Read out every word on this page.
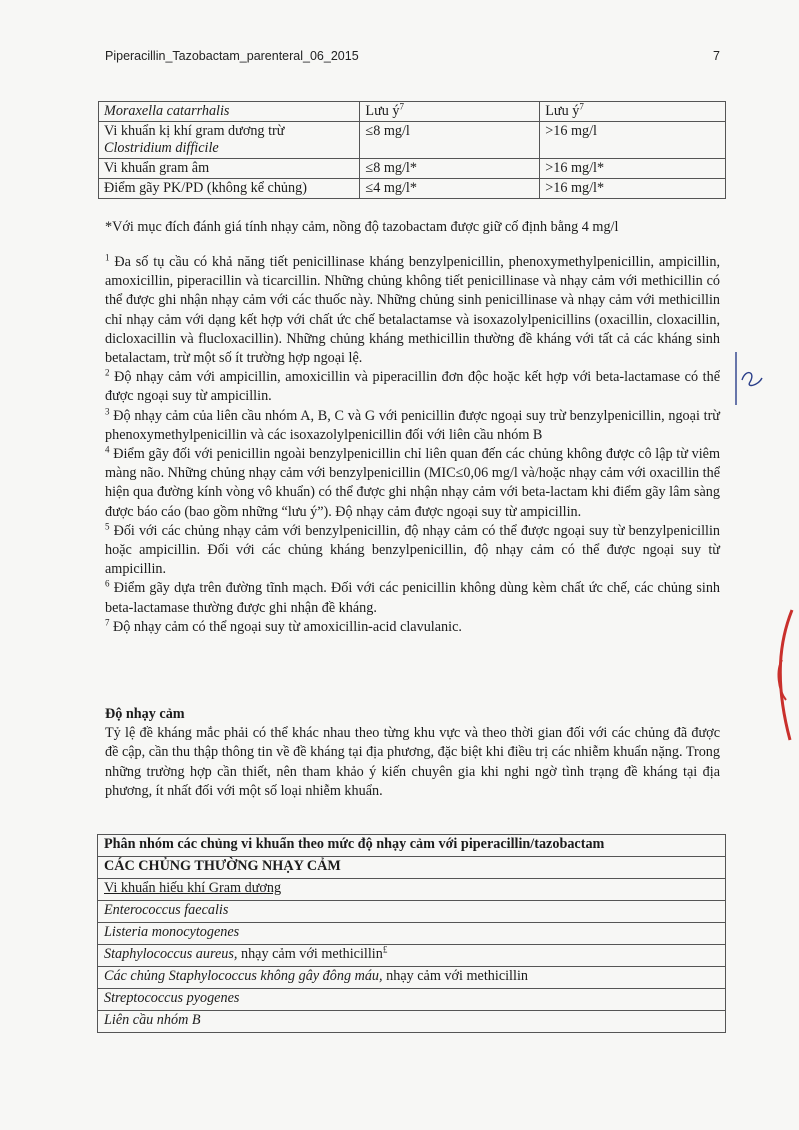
Piperacillin_Tazobactam_parenteral_06_2015	7
Moraxella catarrhalis	Lưu $ý^7$	Lưu $ý^7$
Vi khuẩn kị khí gram dương trừ
Clostridium difficile	≤8 mg/l	>16 mg/l
Vi khuẩn gram âm	≤8 mg/l*	>16 mg/l*
Điểm gãy PK/PD (không kể chủng)	≤4 mg/l*	>16 mg/l*
*Với mục đích đánh giá tính nhạy cảm, nồng độ tazobactam được giữ cố định bằng 4 mg/l

$^1$ Đa số tụ cầu có khả năng tiết penicillinase kháng benzylpenicillin, phenoxymethylpenicillin, ampicillin, amoxicillin, piperacillin và ticarcillin. Những chủng không tiết penicillinase và nhạy cảm với methicillin có thể được ghi nhận nhạy cảm với các thuốc này. Những chủng sinh penicillinase và nhạy cảm với methicillin chỉ nhạy cảm với dạng kết hợp với chất ức chế betalactamse và isoxazolylpenicillins (oxacillin, cloxacillin, dicloxacillin và flucloxacillin). Những chủng kháng methicillin thường đề kháng với tất cả các kháng sinh betalactam, trừ một số ít trường hợp ngoại lệ.

$^2$ Độ nhạy cảm với ampicillin, amoxicillin và piperacillin đơn độc hoặc kết hợp với beta-lactamase có thể được ngoại suy từ ampicillin.

$^3$ Độ nhạy cảm của liên cầu nhóm A, B, C và G với penicillin được ngoại suy trừ benzylpenicillin, ngoại trừ phenoxymethylpenicillin và các isoxazolylpenicillin đối với liên cầu nhóm B

$^4$ Điểm gãy đối với penicillin ngoài benzylpenicillin chỉ liên quan đến các chủng không được cô lập từ viêm màng não. Những chủng nhạy cảm với benzylpenicillin (MIC≤0,06 mg/l và/hoặc nhạy cảm với oxacillin thể hiện qua đường kính vòng vô khuẩn) có thể được ghi nhận nhạy cảm với beta-lactam khi điểm gãy lâm sàng được báo cáo (bao gồm những “lưu ý”). Độ nhạy cảm được ngoại suy từ ampicillin.

$^5$ Đối với các chủng nhạy cảm với benzylpenicillin, độ nhạy cảm có thể được ngoại suy từ benzylpenicillin hoặc ampicillin. Đối với các chủng kháng benzylpenicillin, độ nhạy cảm có thể được ngoại suy từ ampicillin.

$^6$ Điểm gãy dựa trên đường tĩnh mạch. Đối với các penicillin không dùng kèm chất ức chế, các chủng sinh beta-lactamase thường được ghi nhận đề kháng.

$^7$ Độ nhạy cảm có thể ngoại suy từ amoxicillin-acid clavulanic.

Độ nhạy cảm

Tỷ lệ đề kháng mắc phải có thể khác nhau theo từng khu vực và theo thời gian đối với các chủng đã được đề cập, cần thu thập thông tin về đề kháng tại địa phương, đặc biệt khi điều trị các nhiễm khuẩn nặng. Trong những trường hợp cần thiết, nên tham khảo ý kiến chuyên gia khi nghi ngờ tình trạng đề kháng tại địa phương, ít nhất đối với một số loại nhiễm khuẩn.

Phân nhóm các chủng vi khuẩn theo mức độ nhạy cảm với piperacillin/tazobactam
CÁC CHỦNG THƯỜNG NHẠY CẢM
Vi khuẩn hiếu khí Gram dương
Enterococcus faecalis
Listeria monocytogenes
Staphylococcus aureus, nhạy cảm với methicillin£
Các chủng Staphylococcus không gây đông máu, nhạy cảm với methicillin
Streptococcus pyogenes
Liên cầu nhóm B
